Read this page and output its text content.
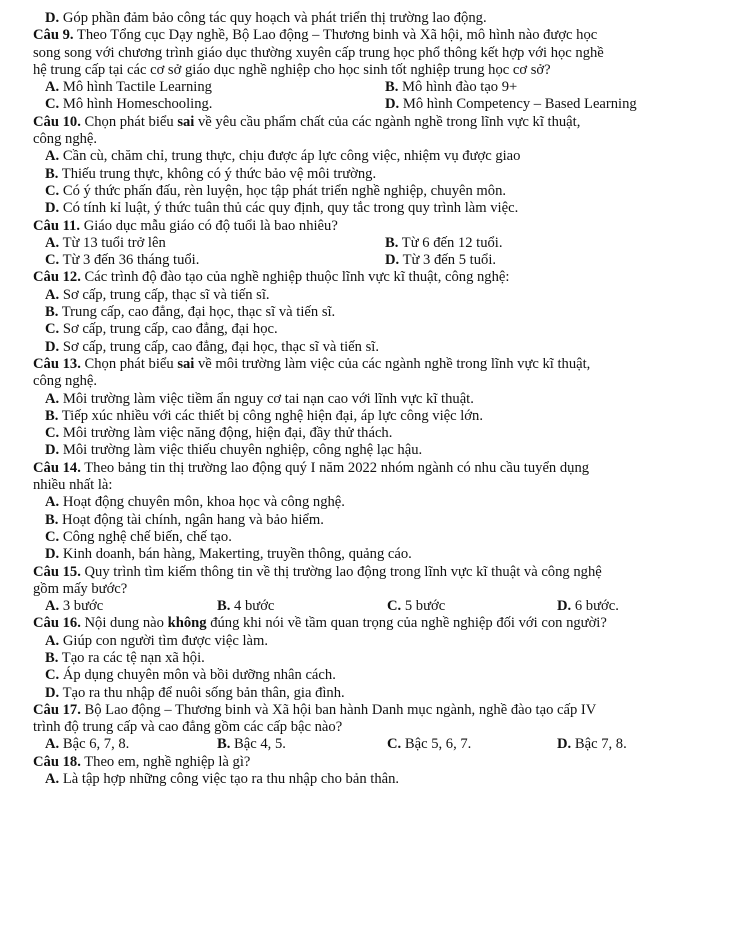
D. Góp phần đảm bảo công tác quy hoạch và phát triển thị trường lao động.
Câu 9. Theo Tổng cục Dạy nghề, Bộ Lao động – Thương binh và Xã hội, mô hình nào được học
song song với chương trình giáo dục thường xuyên cấp trung học phổ thông kết hợp với học nghề
hệ trung cấp tại các cơ sở giáo dục nghề nghiệp cho học sinh tốt nghiệp trung học cơ sở?
A. Mô hình Tactile Learning	B. Mô hình đào tạo 9+
C. Mô hình Homeschooling.	D. Mô hình Competency – Based Learning
Câu 10. Chọn phát biểu sai về yêu cầu phẩm chất của các ngành nghề trong lĩnh vực kĩ thuật,
công nghệ.
A. Cần cù, chăm chỉ, trung thực, chịu được áp lực công việc, nhiệm vụ được giao
B. Thiếu trung thực, không có ý thức bảo vệ môi trường.
C. Có ý thức phấn đấu, rèn luyện, học tập phát triển nghề nghiệp, chuyên môn.
D. Có tính kỉ luật, ý thức tuân thủ các quy định, quy tắc trong quy trình làm việc.
Câu 11. Giáo dục mẫu giáo có độ tuổi là bao nhiêu?
A. Từ 13 tuổi trở lên	B. Từ 6 đến 12 tuổi.
C. Từ 3 đến 36 tháng tuổi.	D. Từ 3 đến 5 tuổi.
Câu 12. Các trình độ đào tạo của nghề nghiệp thuộc lĩnh vực kĩ thuật, công nghệ:
A. Sơ cấp, trung cấp, thạc sĩ và tiến sĩ.
B. Trung cấp, cao đẳng, đại học, thạc sĩ và tiến sĩ.
C. Sơ cấp, trung cấp, cao đẳng, đại học.
D. Sơ cấp, trung cấp, cao đẳng, đại học, thạc sĩ và tiến sĩ.
Câu 13. Chọn phát biểu sai về môi trường làm việc của các ngành nghề trong lĩnh vực kĩ thuật,
công nghệ.
A. Môi trường làm việc tiềm ẩn nguy cơ tai nạn cao với lĩnh vực kĩ thuật.
B. Tiếp xúc nhiều với các thiết bị công nghệ hiện đại, áp lực công việc lớn.
C. Môi trường làm việc năng động, hiện đại, đầy thử thách.
D. Môi trường làm việc thiếu chuyên nghiệp, công nghệ lạc hậu.
Câu 14. Theo bảng tin thị trường lao động quý I năm 2022 nhóm ngành có nhu cầu tuyển dụng
nhiều nhất là:
A. Hoạt động chuyên môn, khoa học và công nghệ.
B. Hoạt động tài chính, ngân hang và bảo hiểm.
C. Công nghệ chế biến, chế tạo.
D. Kinh doanh, bán hàng, Makerting, truyền thông, quảng cáo.
Câu 15. Quy trình tìm kiếm thông tin về thị trường lao động trong lĩnh vực kĩ thuật và công nghệ
gồm mấy bước?
A. 3 bước	B. 4 bước	C. 5 bước	D. 6 bước.
Câu 16. Nội dung nào không đúng khi nói về tầm quan trọng của nghề nghiệp đối với con người?
A. Giúp con người tìm được việc làm.
B. Tạo ra các tệ nạn xã hội.
C. Áp dụng chuyên môn và bồi dưỡng nhân cách.
D. Tạo ra thu nhập để nuôi sống bản thân, gia đình.
Câu 17. Bộ Lao động – Thương binh và Xã hội ban hành Danh mục ngành, nghề đào tạo cấp IV
trình độ trung cấp và cao đẳng gồm các cấp bậc nào?
A. Bậc 6, 7, 8.	B. Bậc 4, 5.	C. Bậc 5, 6, 7.	D. Bậc 7, 8.
Câu 18. Theo em, nghề nghiệp là gì?
A. Là tập hợp những công việc tạo ra thu nhập cho bản thân.
